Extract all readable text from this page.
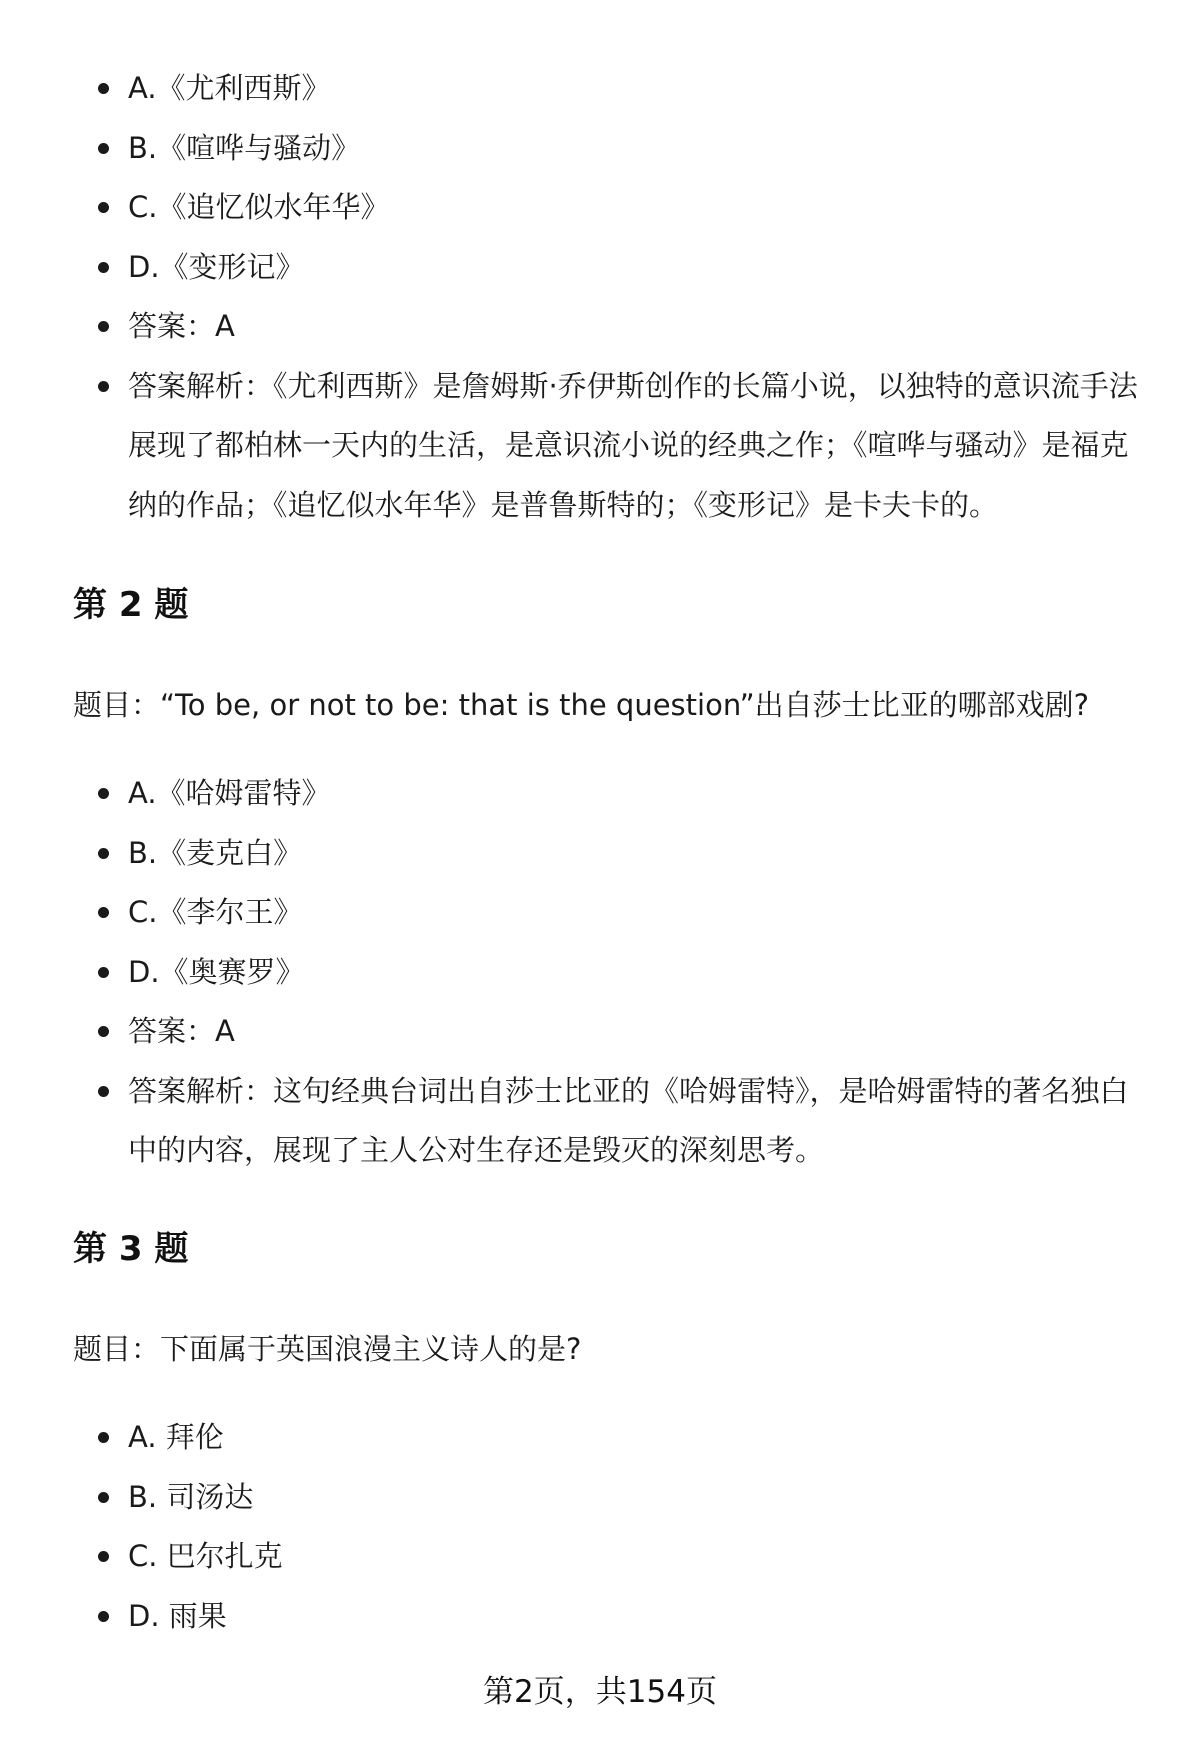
A.《尤利西斯》
B.《喧哗与骚动》
C.《追忆似水年华》
D.《变形记》
答案：A
答案解析：《尤利西斯》是詹姆斯·乔伊斯创作的长篇小说，以独特的意识流手法展现了都柏林一天内的生活，是意识流小说的经典之作；《喧哗与骚动》是福克纳的作品；《追忆似水年华》是普鲁斯特的；《变形记》是卡夫卡的。
第 2 题
题目：“To be, or not to be: that is the question”出自莎士比亚的哪部戏剧?
A.《哈姆雷特》
B.《麦克白》
C.《李尔王》
D.《奥赛罗》
答案：A
答案解析：这句经典台词出自莎士比亚的《哈姆雷特》，是哈姆雷特的著名独白中的内容，展现了主人公对生存还是毁灭的深刻思考。
第 3 题
题目：下面属于英国浪漫主义诗人的是?
A. 拜伦
B. 司汤达
C. 巴尔扎克
D. 雨果
第2页，共154页
